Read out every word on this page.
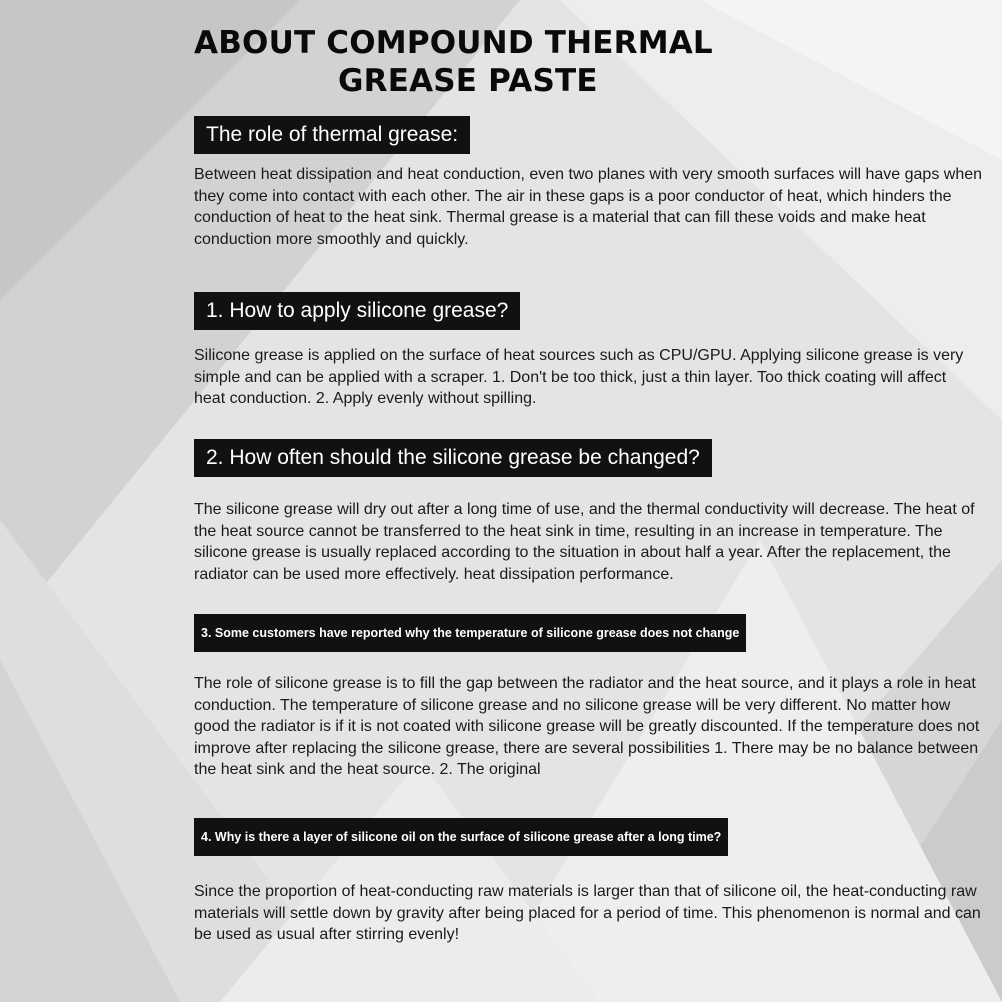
ABOUT COMPOUND THERMAL
GREASE PASTE
The role of thermal grease:

Between heat dissipation and heat conduction, even two planes with very smooth surfaces will have gaps when they come into contact with each other. The air in these gaps is a poor conductor of heat, which hinders the conduction of heat to the heat sink. Thermal grease is a material that can fill these voids and make heat conduction more smoothly and quickly.

1. How to apply silicone grease?

Silicone grease is applied on the surface of heat sources such as CPU/GPU. Applying silicone grease is very simple and can be applied with a scraper. 1. Don't be too thick, just a thin layer. Too thick coating will affect heat conduction. 2. Apply evenly without spilling.

2. How often should the silicone grease be changed?

The silicone grease will dry out after a long time of use, and the thermal conductivity will decrease. The heat of the heat source cannot be transferred to the heat sink in time, resulting in an increase in temperature. The silicone grease is usually replaced according to the situation in about half a year. After the replacement, the radiator can be used more effectively. heat dissipation performance.

3. Some customers have reported why the temperature of silicone grease does not change

The role of silicone grease is to fill the gap between the radiator and the heat source, and it plays a role in heat conduction. The temperature of silicone grease and no silicone grease will be very different. No matter how good the radiator is if it is not coated with silicone grease will be greatly discounted. If the temperature does not improve after replacing the silicone grease, there are several possibilities 1. There may be no balance between the heat sink and the heat source. 2. The original

4. Why is there a layer of silicone oil on the surface of silicone grease after a long time?

Since the proportion of heat-conducting raw materials is larger than that of silicone oil, the heat-conducting raw materials will settle down by gravity after being placed for a period of time. This phenomenon is normal and can be used as usual after stirring evenly!
